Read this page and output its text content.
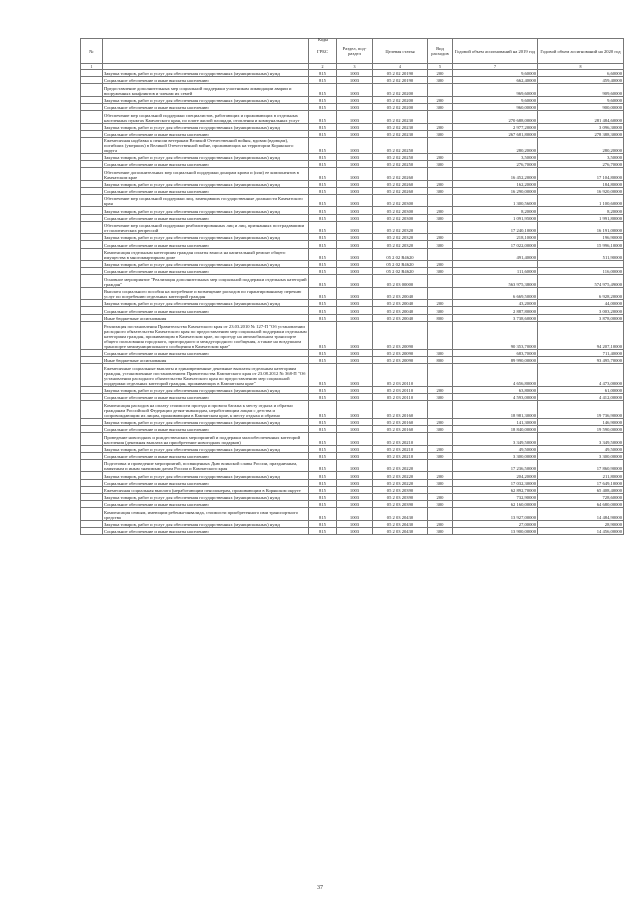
№		ГРБС	Раздел, под-раздел	Целевая статья	Вид расходов	Годовой объем ассигнований на 2019 год	Годовой объем ассигнований на 2020 год
1		2	3	4	5	7	8
	Закупка товаров, работ и услуг для обеспечения государственных (муниципальных) нужд	815	1003	05 2 02 20190	200	9,60000	6,60000
	Социальное обеспечение и иные выплаты населению	815	1003	05 2 02 20190	300	662,40000	459,40000
	Предоставление дополнительных мер социальной поддержки участникам ликвидации аварии и вооруженных конфликтов и членам их семей	815	1003	05 2 02 20200		969,60000	909,60000
	Закупка товаров, работ и услуг для обеспечения государственных (муниципальных) нужд	815	1003	05 2 02 20200	200	9,60000	9,60000
	Социальное обеспечение и иные выплаты населению	815	1003	05 2 02 20200	300	960,00000	900,00000
	Обеспечение мер социальной поддержки специалистов, работающих и проживающих в отдельных населенных пунктах Камчатского края, по плате жилой площади, отопления и коммунальных услуг	815	1003	05 2 02 20230		270 688,00000	281 484,60000
	Закупка товаров, работ и услуг для обеспечения государственных (муниципальных) нужд	815	1003	05 2 02 20230	200	2 977,20000	3 096,30000
	Социальное обеспечение и иные выплаты населению	815	1003	05 2 02 20230	300	267 681,80000	278 388,30000
	Ежемесячная надбавка к пенсии ветеранам Великой Отечественной войны, вдовам (вдовцам), погибших (умерших) в Великой Отечественной войне, проживающих на территории Корякского округа	815	1003	05 2 02 20250		280,20000	280,20000
	Закупка товаров, работ и услуг для обеспечения государственных (муниципальных) нужд	815	1003	05 2 02 20250	200	3,50000	3,50000
	Социальное обеспечение и иные выплаты населению	815	1003	05 2 02 20250	300	276,70000	276,70000
	Обеспечение дополнительных мер социальной поддержки донорам крови и (или) ее компонентов в Камчатском крае	815	1003	05 2 02 20260		16 452,20000	17 104,80000
	Закупка товаров, работ и услуг для обеспечения государственных (муниципальных) нужд	815	1003	05 2 02 20260	200	162,20000	184,80000
	Социальное обеспечение и иные выплаты населению	815	1003	05 2 02 20260	300	16 290,00000	16 920,00000
	Обеспечение мер социальной поддержки лиц, замещавших государственные должности Камчатского края	815	1003	05 2 02 20300		1 300,56000	1 100,60000
	Закупка товаров, работ и услуг для обеспечения государственных (муниципальных) нужд	815	1003	05 2 02 20300	200	8,20000	8,20000
	Социальное обеспечение и иные выплаты населению	815	1003	05 2 02 20300	300	1 091,95000	1 991,80000
	Обеспечение мер социальной поддержки реабилитированных лиц и лиц, признанных пострадавшими от политических репрессий	815	1003	05 2 02 20320		17 240,10000	16 191,00000
	Закупка товаров, работ и услуг для обеспечения государственных (муниципальных) нужд	815	1003	05 2 02 20320	200	218,10000	196,90000
	Социальное обеспечение и иные выплаты населению	815	1003	05 2 02 20320	300	17 022,00000	15 996,10000
	Компенсация отдельным категориям граждан оплаты взноса на капитальный ремонт общего имущества в многоквартирном доме	815	1003	05 2 02 R4620		491,40000	511,90000
	Закупка товаров, работ и услуг для обеспечения государственных (муниципальных) нужд	815	1003	05 2 02 R4620	200		
	Социальное обеспечение и иные выплаты населению	815	1003	05 2 02 R4620	300	111,60000	116,00000
	Основное мероприятие "Реализация дополнительных мер социальной поддержки отдельных категорий граждан"	815	1003	05 2 03 00000		563 975,38000	574 975,49000
	Выплата социального пособия на погребение и возмещение расходов по гарантированному перечню услуг по погребению отдельных категорий граждан	815	1003	05 2 03 20040		6 669,50000	6 928,20000
	Закупка товаров, работ и услуг для обеспечения государственных (муниципальных) нужд	815	1003	05 2 03 20040	200	43,20000	44,00000
	Социальное обеспечение и иные выплаты населению	815	1003	05 2 03 20040	300	2 887,80000	3 003,20000
	Иные бюджетные ассигнования	815	1003	05 2 03 20040	800	3 738,60000	3 878,00000
	Реализация постановления Правительства Камчатского края от 23.03.2010 № 127-П "Об установлении расходного обязательства Камчатского края по предоставлению мер социальной поддержки отдельным категориям граждан, проживающим в Камчатском крае, по проезду на автомобильном транспорте общего пользования городского, пригородного и междугородного сообщения, а также на воздушном транспорте межмуниципального сообщения в Камчатском крае"	815	1003	05 2 03 20090		90 353,70000	94 207,10000
	Социальное обеспечение и иные выплаты населению	815	1003	05 2 03 20090	300	683,70000	711,40000
	Иные бюджетные ассигнования	815	1003	05 2 03 20090	800	89 990,00000	93 495,70000
	Ежемесячные социальные выплаты и единовременные денежные выплаты отдельным категориям граждан, установленные постановлением Правительства Камчатского края от 23.08.2012 № 368-П "Об установлении расходного обязательства Камчатского края по предоставлению мер социальной поддержки отдельных категорий граждан, проживающих в Камчатском крае"	815	1003	05 2 03 20110		4 656,80000	4 473,00000
	Закупка товаров, работ и услуг для обеспечения государственных (муниципальных) нужд	815	1003	05 2 03 20110	200	63,80000	61,00000
	Социальное обеспечение и иные выплаты населению	815	1003	05 2 03 20110	300	4 593,00000	4 412,00000
	Компенсация расходов на оплату стоимости проезда и провоза багажа к месту отдыха и обратно гражданам Российской Федерации детям-инвалидам, неработающим лицам с детства и сопровождающим их лицам, проживающим в Камчатском крае, к месту отдыха и обратно	815	1003	05 2 03 20160		18 981,30000	19 736,90000
	Закупка товаров, работ и услуг для обеспечения государственных (муниципальных) нужд	815	1003	05 2 03 20160	200	141,30000	146,90000
	Социальное обеспечение и иные выплаты населению	815	1003	05 2 03 20160	300	18 840,00000	19 590,00000
	Проведение новогодних и рождественских мероприятий и поддержки малообеспеченных категорий населения (денежная выплата на приобретение новогодних подарков)	815	1003	05 2 03 20210		3 349,50000	3 349,50000
	Закупка товаров, работ и услуг для обеспечения государственных (муниципальных) нужд	815	1003	05 2 03 20210	200	49,50000	49,50000
	Социальное обеспечение и иные выплаты населению	815	1003	05 2 03 20210	300	3 300,00000	3 300,00000
	Подготовка и проведение мероприятий, посвященных Дню воинской славы России, праздничным, памятным и иным значимым датам России и Камчатского края	815	1003	05 2 03 20220		17 236,50000	17 860,90000
	Закупка товаров, работ и услуг для обеспечения государственных (муниципальных) нужд	815	1003	05 2 03 20220	200	204,20000	211,80000
	Социальное обеспечение и иные выплаты населению	815	1003	05 2 03 20220	300	17 032,30000	17 649,10000
	Ежемесячная социальная выплата (неработающим пенсионерам, проживающим в Корякском округе	815	1003	05 2 03 20390		62 892,70000	65 408,40000
	Закупка товаров, работ и услуг для обеспечения государственных (муниципальных) нужд	815	1003	05 2 03 20390	200	732,90000	728,60000
	Социальное обеспечение и иные выплаты населению	815	1003	05 2 03 20390	300	62 160,00000	64 680,00000
	Компенсация семьям, имеющим ребенка-инвалида, стоимости приобретенного ими транспортного средства	815	1003	05 2 03 20430		13 927,00000	14 484,90000
	Закупка товаров, работ и услуг для обеспечения государственных (муниципальных) нужд	815	1003	05 2 03 20430	200	27,00000	28,90000
	Социальное обеспечение и иные выплаты населению	815	1003	05 2 03 20430	300	13 900,00000	14 456,00000
Коды
37
